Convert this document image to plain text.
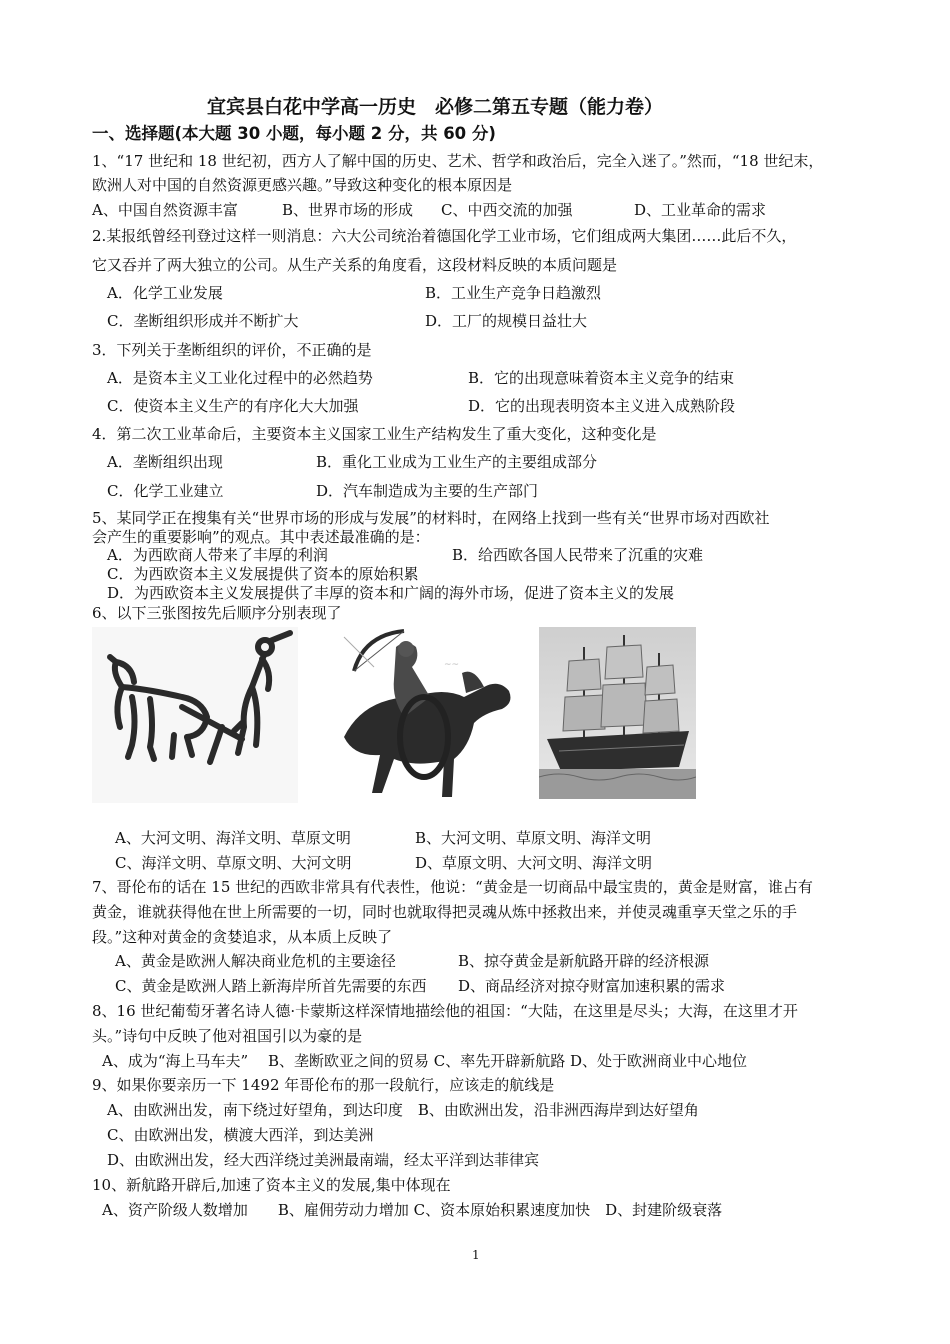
宜宾县白花中学高一历史　必修二第五专题（能力卷）
一、选择题(本大题 30 小题，每小题 2 分，共 60 分)
1、“17 世纪和 18 世纪初，西方人了解中国的历史、艺术、哲学和政治后，完全入迷了。”然而，“18 世纪末，
欧洲人对中国的自然资源更感兴趣。”导致这种变化的根本原因是
A、中国自然资源丰富	B、世界市场的形成 C、中西交流的加强	D、工业革命的需求
2.某报纸曾经刊登过这样一则消息：六大公司统治着德国化学工业市场，它们组成两大集团……此后不久，
它又吞并了两大独立的公司。从生产关系的角度看，这段材料反映的本质问题是
A．化学工业发展	B．工业生产竞争日趋激烈
C．垄断组织形成并不断扩大	D．工厂的规模日益壮大
3．下列关于垄断组织的评价，不正确的是
A．是资本主义工业化过程中的必然趋势	B．它的出现意味着资本主义竞争的结束
C．使资本主义生产的有序化大大加强	D．它的出现表明资本主义进入成熟阶段
4．第二次工业革命后，主要资本主义国家工业生产结构发生了重大变化，这种变化是
A．垄断组织出现	B．重化工业成为工业生产的主要组成部分
C．化学工业建立	D．汽车制造成为主要的生产部门
5、某同学正在搜集有关“世界市场的形成与发展”的材料时，在网络上找到一些有关“世界市场对西欧社
会产生的重要影响”的观点。其中表述最准确的是：
A．为西欧商人带来了丰厚的利润	B．给西欧各国人民带来了沉重的灾难
C．为西欧资本主义发展提供了资本的原始积累
D．为西欧资本主义发展提供了丰厚的资本和广阔的海外市场，促进了资本主义的发展
6、以下三张图按先后顺序分别表现了
~~
A、大河文明、海洋文明、草原文明	B、大河文明、草原文明、海洋文明
C、海洋文明、草原文明、大河文明	D、草原文明、大河文明、海洋文明
7、哥伦布的话在 15 世纪的西欧非常具有代表性，他说：“黄金是一切商品中最宝贵的，黄金是财富，谁占有
黄金，谁就获得他在世上所需要的一切，同时也就取得把灵魂从炼中拯救出来，并使灵魂重享天堂之乐的手
段。”这种对黄金的贪婪追求，从本质上反映了
A、黄金是欧洲人解决商业危机的主要途径	B、掠夺黄金是新航路开辟的经济根源
C、黄金是欧洲人踏上新海岸所首先需要的东西 D、商品经济对掠夺财富加速积累的需求
8、16 世纪葡萄牙著名诗人德·卡蒙斯这样深情地描绘他的祖国：“大陆，在这里是尽头；大海，在这里才开
头。”诗句中反映了他对祖国引以为豪的是
A、成为“海上马车夫”　 B、垄断欧亚之间的贸易 C、率先开辟新航路 D、处于欧洲商业中心地位
9、如果你要亲历一下 1492 年哥伦布的那一段航行，应该走的航线是
A、由欧洲出发，南下绕过好望角，到达印度　B、由欧洲出发，沿非洲西海岸到达好望角
C、由欧洲出发，横渡大西洋，到达美洲
D、由欧洲出发，经大西洋绕过美洲最南端，经太平洋到达菲律宾
10、新航路开辟后,加速了资本主义的发展,集中体现在
A、资产阶级人数增加　　B、雇佣劳动力增加 C、资本原始积累速度加快　D、封建阶级衰落
1
